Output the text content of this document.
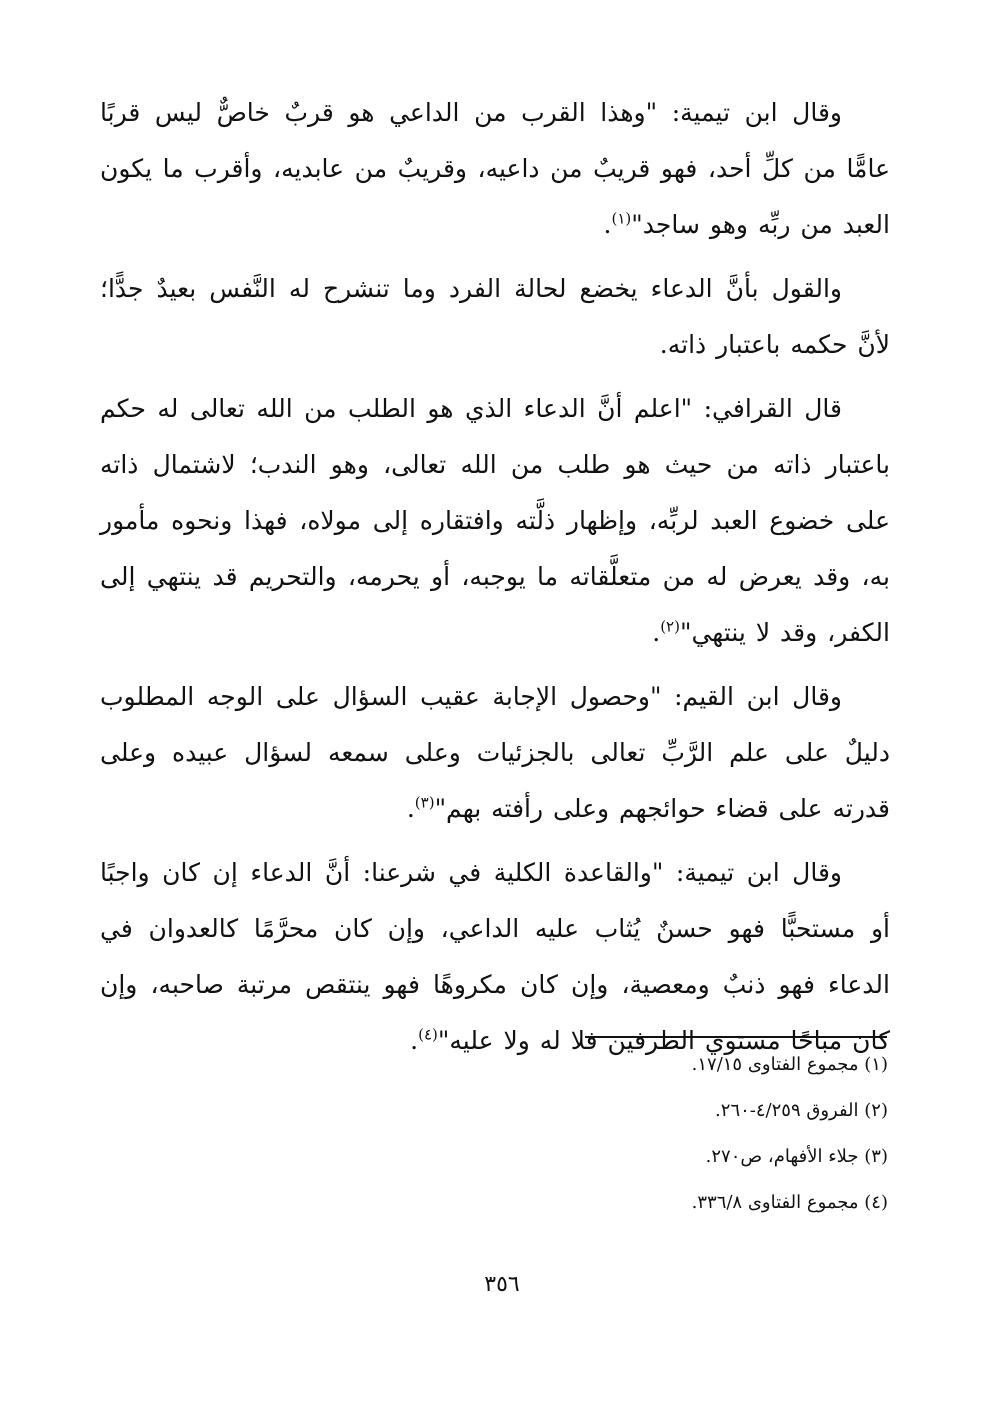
وقال ابن تيمية: "وهذا القرب من الداعي هو قربٌ خاصٌّ ليس قربًا عامًّا من كلِّ أحد، فهو قريبٌ من داعيه، وقريبٌ من عابديه، وأقرب ما يكون العبد من ربِّه وهو ساجد"$^{(١)}$.

والقول بأنَّ الدعاء يخضع لحالة الفرد وما تنشرح له النَّفس بعيدٌ جدًّا؛ لأنَّ حكمه باعتبار ذاته.

قال القرافي: "اعلم أنَّ الدعاء الذي هو الطلب من الله تعالى له حكم باعتبار ذاته من حيث هو طلب من الله تعالى، وهو الندب؛ لاشتمال ذاته على خضوع العبد لربِّه، وإظهار ذلَّته وافتقاره إلى مولاه، فهذا ونحوه مأمور به، وقد يعرض له من متعلَّقاته ما يوجبه، أو يحرمه، والتحريم قد ينتهي إلى الكفر، وقد لا ينتهي"$^{(٢)}$.

وقال ابن القيم: "وحصول الإجابة عقيب السؤال على الوجه المطلوب دليلٌ على علم الرَّبِّ تعالى بالجزئيات وعلى سمعه لسؤال عبيده وعلى قدرته على قضاء حوائجهم وعلى رأفته بهم"$^{(٣)}$.

وقال ابن تيمية: "والقاعدة الكلية في شرعنا: أنَّ الدعاء إن كان واجبًا أو مستحبًّا فهو حسنٌ يُثاب عليه الداعي، وإن كان محرَّمًا كالعدوان في الدعاء فهو ذنبٌ ومعصية، وإن كان مكروهًا فهو ينتقص مرتبة صاحبه، وإن كان مباحًا مستوي الطرفين فلا له ولا عليه"$^{(٤)}$.

(١) مجموع الفتاوى ١٧/١٥.
(٢) الفروق ٤/٢٥٩-٢٦٠.
(٣) جلاء الأفهام، ص٢٧٠.
(٤) مجموع الفتاوى ٣٣٦/٨.
٣٥٦
